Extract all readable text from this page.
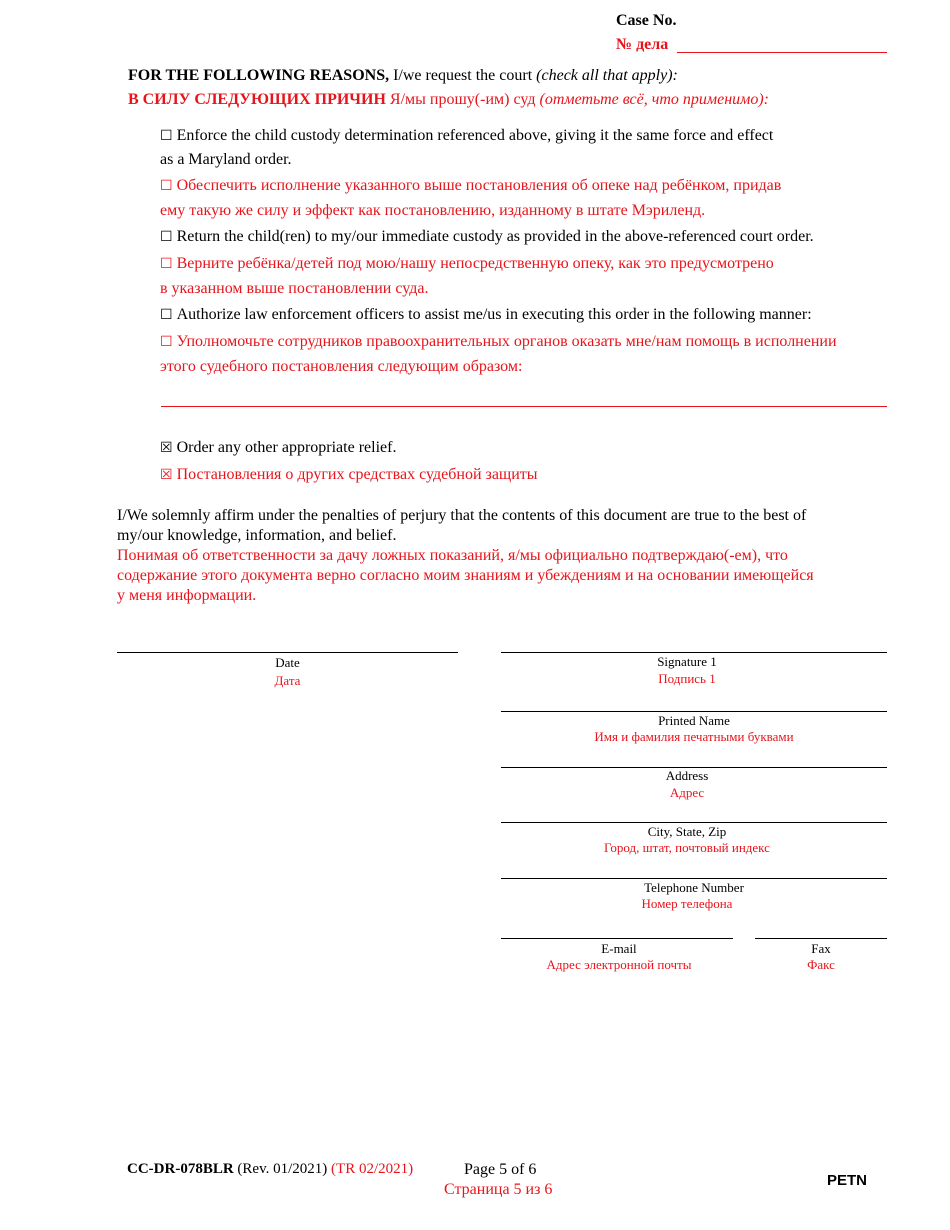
Case No.
№ дела
FOR THE FOLLOWING REASONS, I/we request the court (check all that apply):
В СИЛУ СЛЕДУЮЩИХ ПРИЧИН Я/мы прошу(-им) суд (отметьте всё, что применимо):
☐ Enforce the child custody determination referenced above, giving it the same force and effect
as a Maryland order.
☐ Обеспечить исполнение указанного выше постановления об опеке над ребёнком, придав
ему такую же силу и эффект как постановлению, изданному в штате Мэриленд.
☐ Return the child(ren) to my/our immediate custody as provided in the above-referenced court order.
☐ Верните ребёнка/детей под мою/нашу непосредственную опеку, как это предусмотрено
в указанном выше постановлении суда.
☐ Authorize law enforcement officers to assist me/us in executing this order in the following manner:
☐ Уполномочьте сотрудников правоохранительных органов оказать мне/нам помощь в исполнении
этого судебного постановления следующим образом:
☒ Order any other appropriate relief.
☒ Постановления о других средствах судебной защиты
I/We solemnly affirm under the penalties of perjury that the contents of this document are true to the best of
my/our knowledge, information, and belief.
Понимая об ответственности за дачу ложных показаний, я/мы официально подтверждаю(-ем), что
содержание этого документа верно согласно моим знаниям и убеждениям и на основании имеющейся
у меня информации.
Date
Дата
Signature 1
Подпись 1
Printed Name
Имя и фамилия печатными буквами
Address
Адрес
City, State, Zip
Город, штат, почтовый индекс
Telephone Number
Номер телефона
E-mail
Адрес электронной почты
Fax
Факс
CC-DR-078BLR (Rev. 01/2021) (TR 02/2021)	Page 5 of 6
Страница 5 из 6
PETN
